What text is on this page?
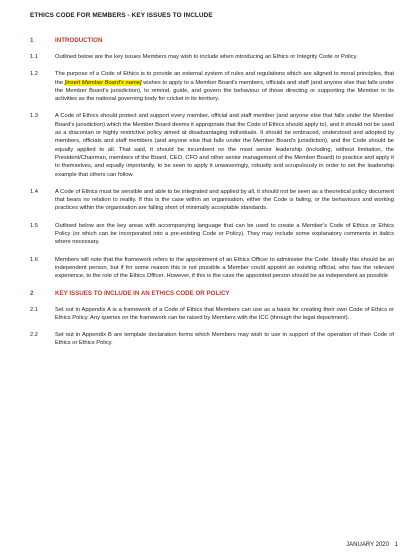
ETHICS CODE FOR MEMBERS - KEY ISSUES TO INCLUDE
1	INTRODUCTION
1.1	Outlined below are the key issues Members may wish to include when introducing an Ethics or Integrity Code or Policy.
1.2	The purpose of a Code of Ethics is to provide an external system of rules and regulations which are aligned to moral principles, that the [insert Member Board's name] wishes to apply to a Member Board's members, officials and staff (and anyone else that falls under the Member Board's jurisdiction), to remind, guide, and govern the behaviour of those directing or supporting the Member in its activities as the national governing body for cricket in its territory.
1.3	A Code of Ethics should protect and support every member, official and staff member (and anyone else that falls under the Member Board's jurisdiction) which the Member Board deems it appropriate that the Code of Ethics should apply to), and it should not be used as a draconian or highly restrictive policy aimed at disadvantaging individuals. It should be embraced, understood and adopted by members, officials and staff members (and anyone else that falls under the Member Board's jurisdiction), and the Code should be equally applied to all. That said, it should be incumbent on the most senior leadership (including, without limitation, the President/Chairman, members of the Board, CEO, CFO and other senior management of the Member Board) to practice and apply it to themselves, and equally importantly, to be seen to apply it unwaveringly, robustly and scrupulously in order to set the leadership example that others can follow.
1.4	A Code of Ethics must be sensible and able to be integrated and applied by all, it should not be seen as a theoretical policy document that bears no relation to reality. If this is the case within an organisation, either the Code is failing, or the behaviours and working practices within the organisation are falling short of minimally acceptable standards.
1.5	Outlined below are the key areas with accompanying language that can be used to create a Member's Code of Ethics or Ethics Policy (or which can be incorporated into a pre-existing Code or Policy). They may include some explanatory comments in italics where necessary.
1.6	Members will note that the framework refers to the appointment of an Ethics Officer to administer the Code. Ideally this should be an independent person, but if for some reason this is not possible a Member could appoint an existing official, who has the relevant experience, to the role of the Ethics Officer. However, if this is the case the appointed person should be as independent as possible
2	KEY ISSUES TO INCLUDE IN AN ETHICS CODE OR POLICY
2.1	Set out in Appendix A is a framework of a Code of Ethics that Members can use as a basis for creating their own Code of Ethics or Ethics Policy. Any queries on the framework can be raised by Members with the ICC (through the legal department).
2.2	Set out in Appendix B are template declaration forms which Members may wish to use in support of the operation of their Code of Ethics or Ethics Policy.
JANUARY 2020 1
